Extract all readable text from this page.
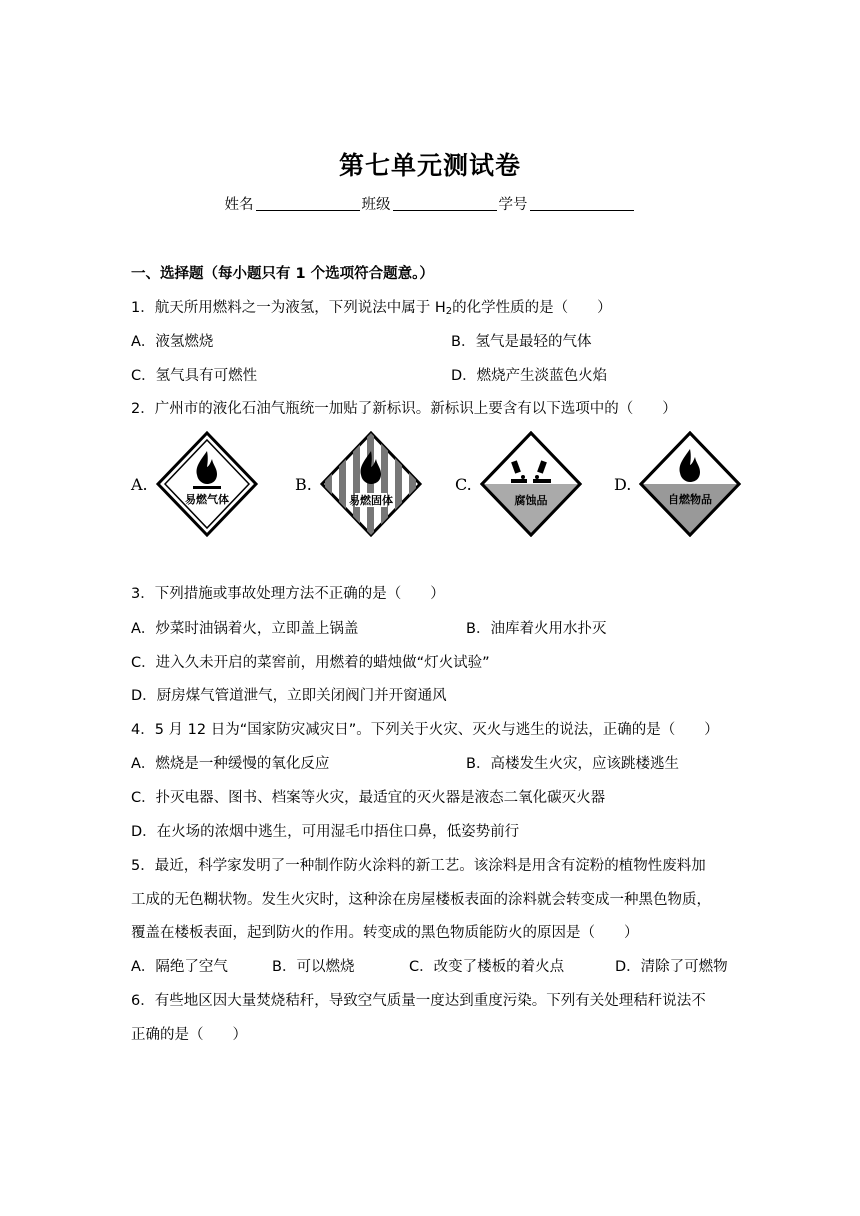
第七单元测试卷
姓名	班级	学号
一、选择题（每小题只有 1 个选项符合题意。）
1．航天所用燃料之一为液氢，下列说法中属于 $H_2$的化学性质的是（　　）
A．液氢燃烧	B．氢气是最轻的气体
C．氢气具有可燃性	D．燃烧产生淡蓝色火焰
2．广州市的液化石油气瓶统一加贴了新标识。新标识上要含有以下选项中的（　　）
A.
易燃气体
B.
易燃固体
C.
腐蚀品
D.
自燃物品
3．下列措施或事故处理方法不正确的是（　　）
A．炒菜时油锅着火，立即盖上锅盖	B．油库着火用水扑灭
C．进入久未开启的菜窖前，用燃着的蜡烛做“灯火试验”
D．厨房煤气管道泄气，立即关闭阀门并开窗通风
4．5 月 12 日为“国家防灾减灾日”。下列关于火灾、灭火与逃生的说法，正确的是（　　）
A．燃烧是一种缓慢的氧化反应	B．高楼发生火灾，应该跳楼逃生
C．扑灭电器、图书、档案等火灾，最适宜的灭火器是液态二氧化碳灭火器
D．在火场的浓烟中逃生，可用湿毛巾捂住口鼻，低姿势前行
5．最近，科学家发明了一种制作防火涂料的新工艺。该涂料是用含有淀粉的植物性废料加
工成的无色糊状物。发生火灾时，这种涂在房屋楼板表面的涂料就会转变成一种黑色物质，
覆盖在楼板表面，起到防火的作用。转变成的黑色物质能防火的原因是（　　）
A．隔绝了空气	B．可以燃烧	C．改变了楼板的着火点	D．清除了可燃物
6．有些地区因大量焚烧秸秆，导致空气质量一度达到重度污染。下列有关处理秸秆说法不
正确的是（　　）
